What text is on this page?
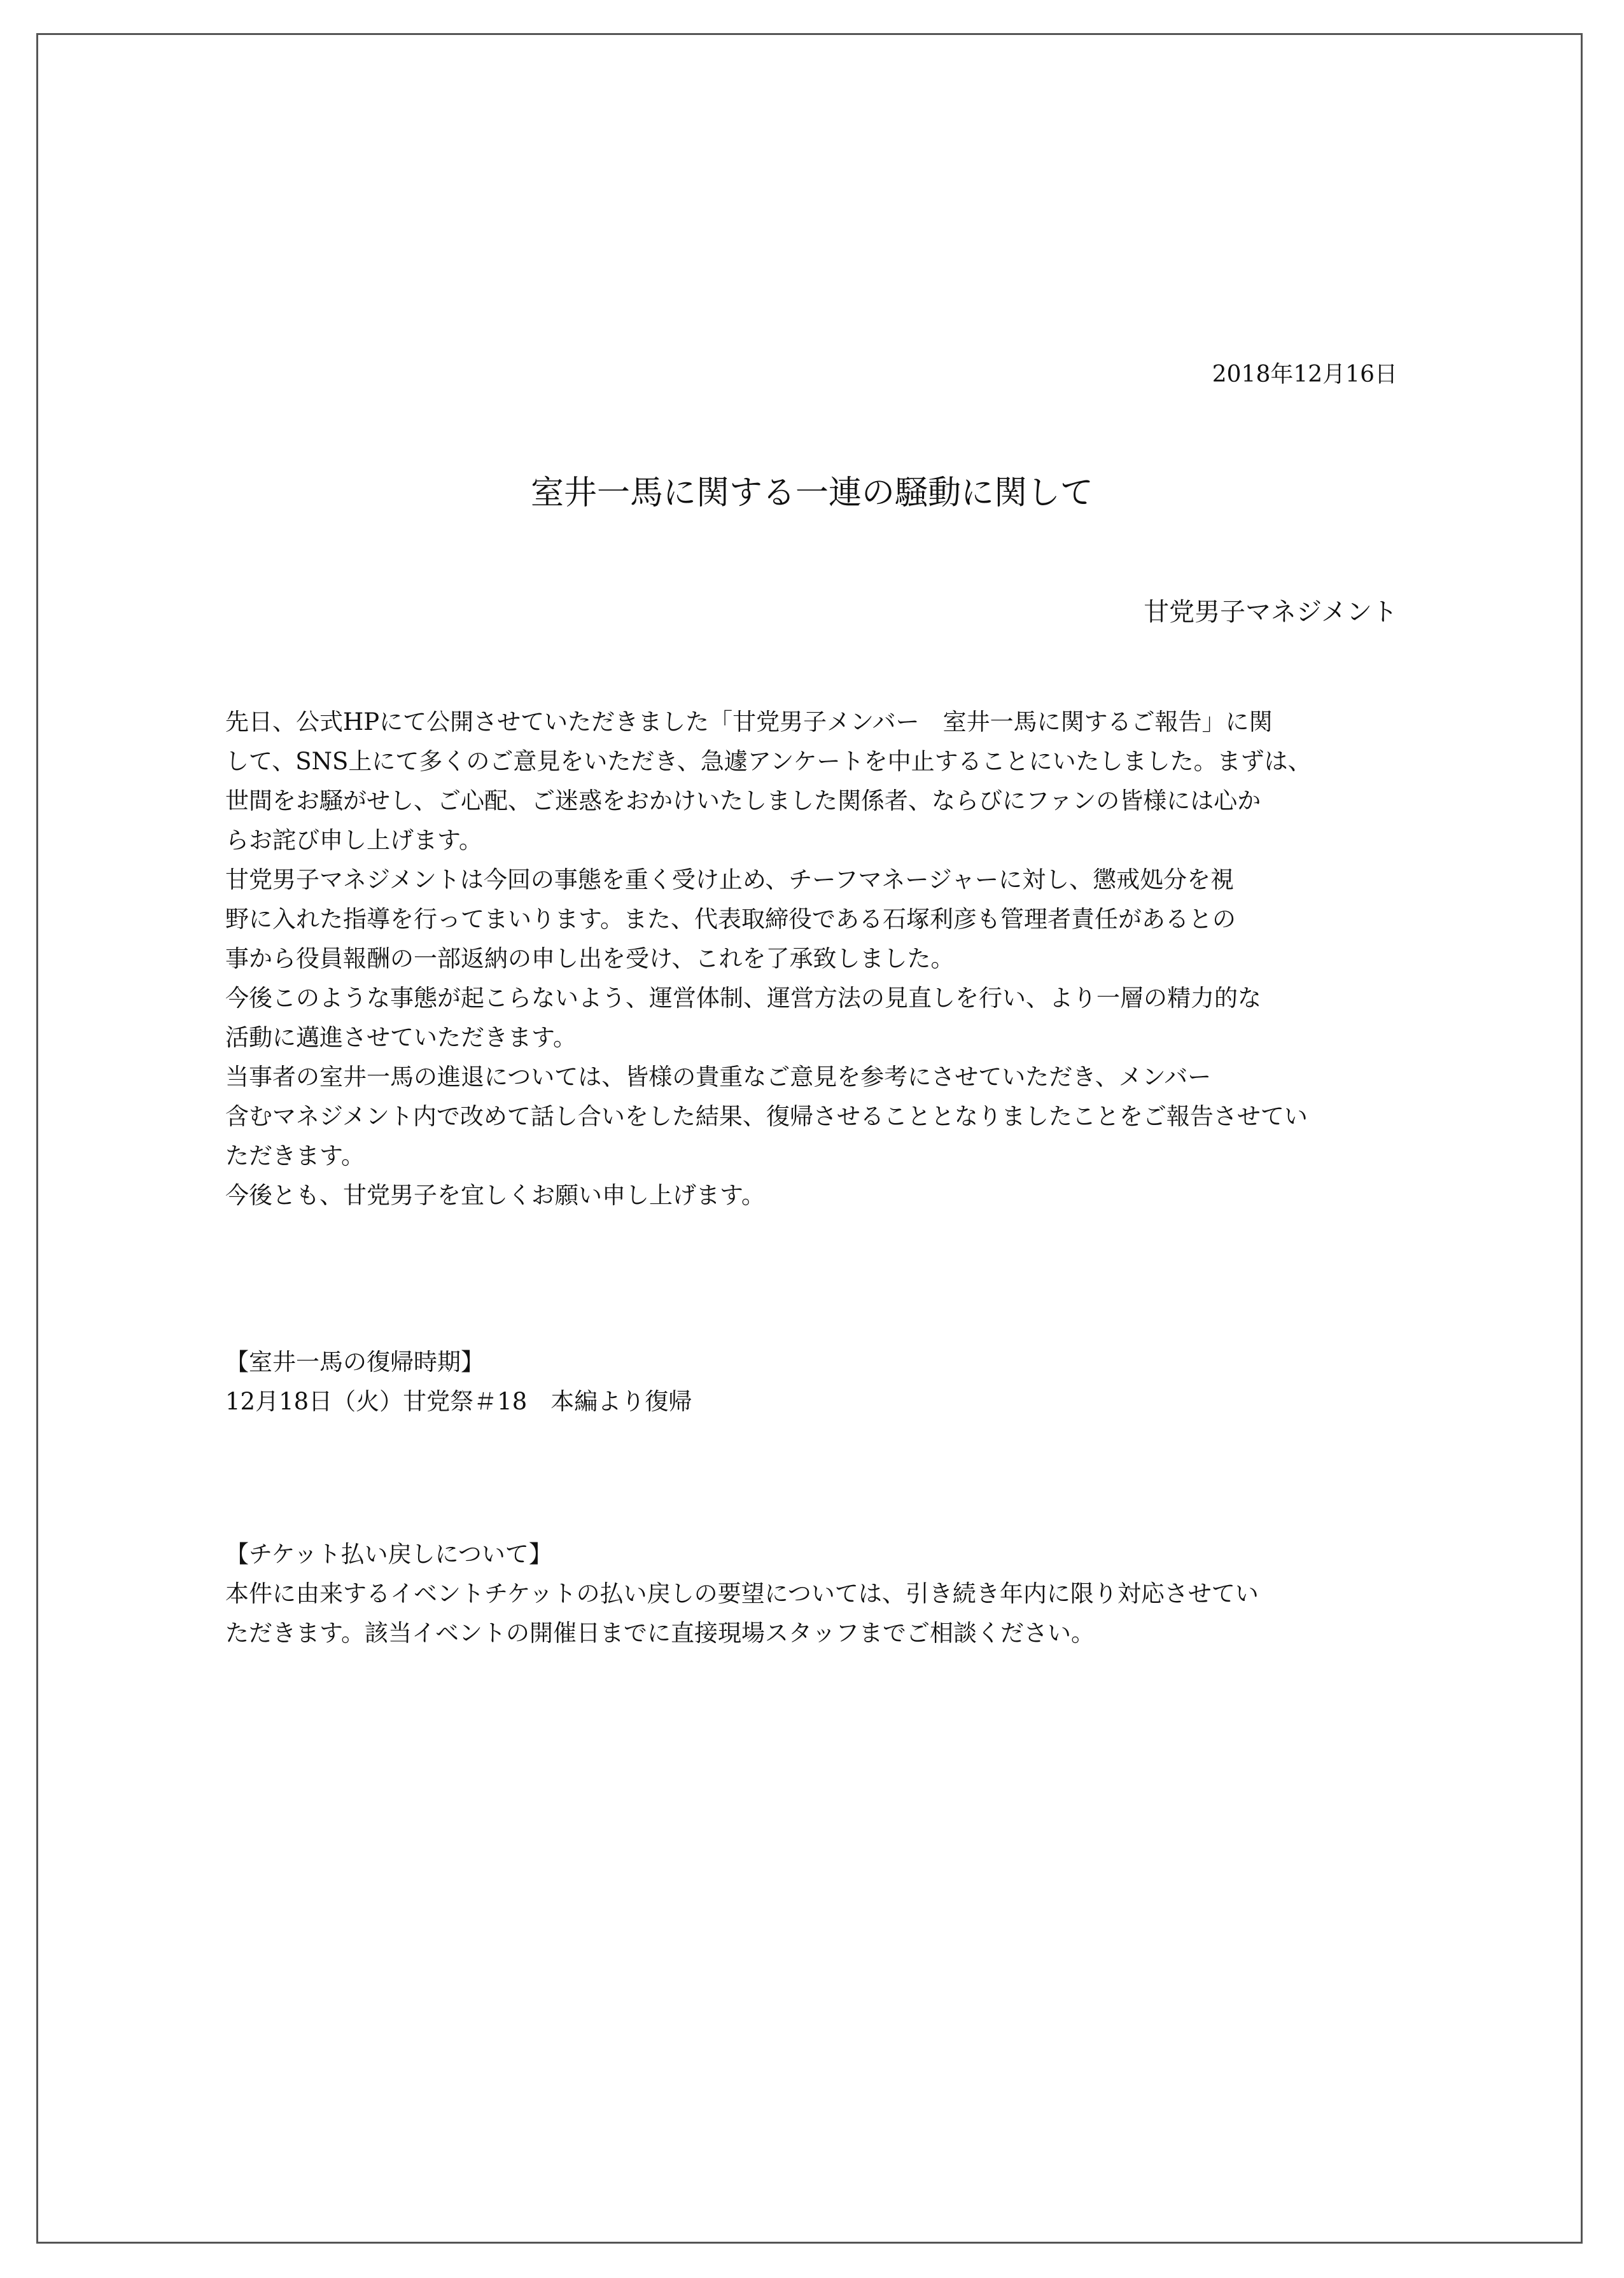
2018年12月16日
室井一馬に関する一連の騒動に関して
甘党男子マネジメント
先日、公式HPにて公開させていただきました「甘党男子メンバー　室井一馬に関するご報告」に関
して、SNS上にて多くのご意見をいただき、急遽アンケートを中止することにいたしました。まずは、
世間をお騒がせし、ご心配、ご迷惑をおかけいたしました関係者、ならびにファンの皆様には心か
らお詫び申し上げます。
甘党男子マネジメントは今回の事態を重く受け止め、チーフマネージャーに対し、懲戒処分を視
野に入れた指導を行ってまいります。また、代表取締役である石塚利彦も管理者責任があるとの
事から役員報酬の一部返納の申し出を受け、これを了承致しました。
今後このような事態が起こらないよう、運営体制、運営方法の見直しを行い、より一層の精力的な
活動に邁進させていただきます。
当事者の室井一馬の進退については、皆様の貴重なご意見を参考にさせていただき、メンバー
含むマネジメント内で改めて話し合いをした結果、復帰させることとなりましたことをご報告させてい
ただきます。
今後とも、甘党男子を宜しくお願い申し上げます。
【室井一馬の復帰時期】
12月18日（火）甘党祭＃18　本編より復帰
【チケット払い戻しについて】
本件に由来するイベントチケットの払い戻しの要望については、引き続き年内に限り対応させてい
ただきます。該当イベントの開催日までに直接現場スタッフまでご相談ください。
